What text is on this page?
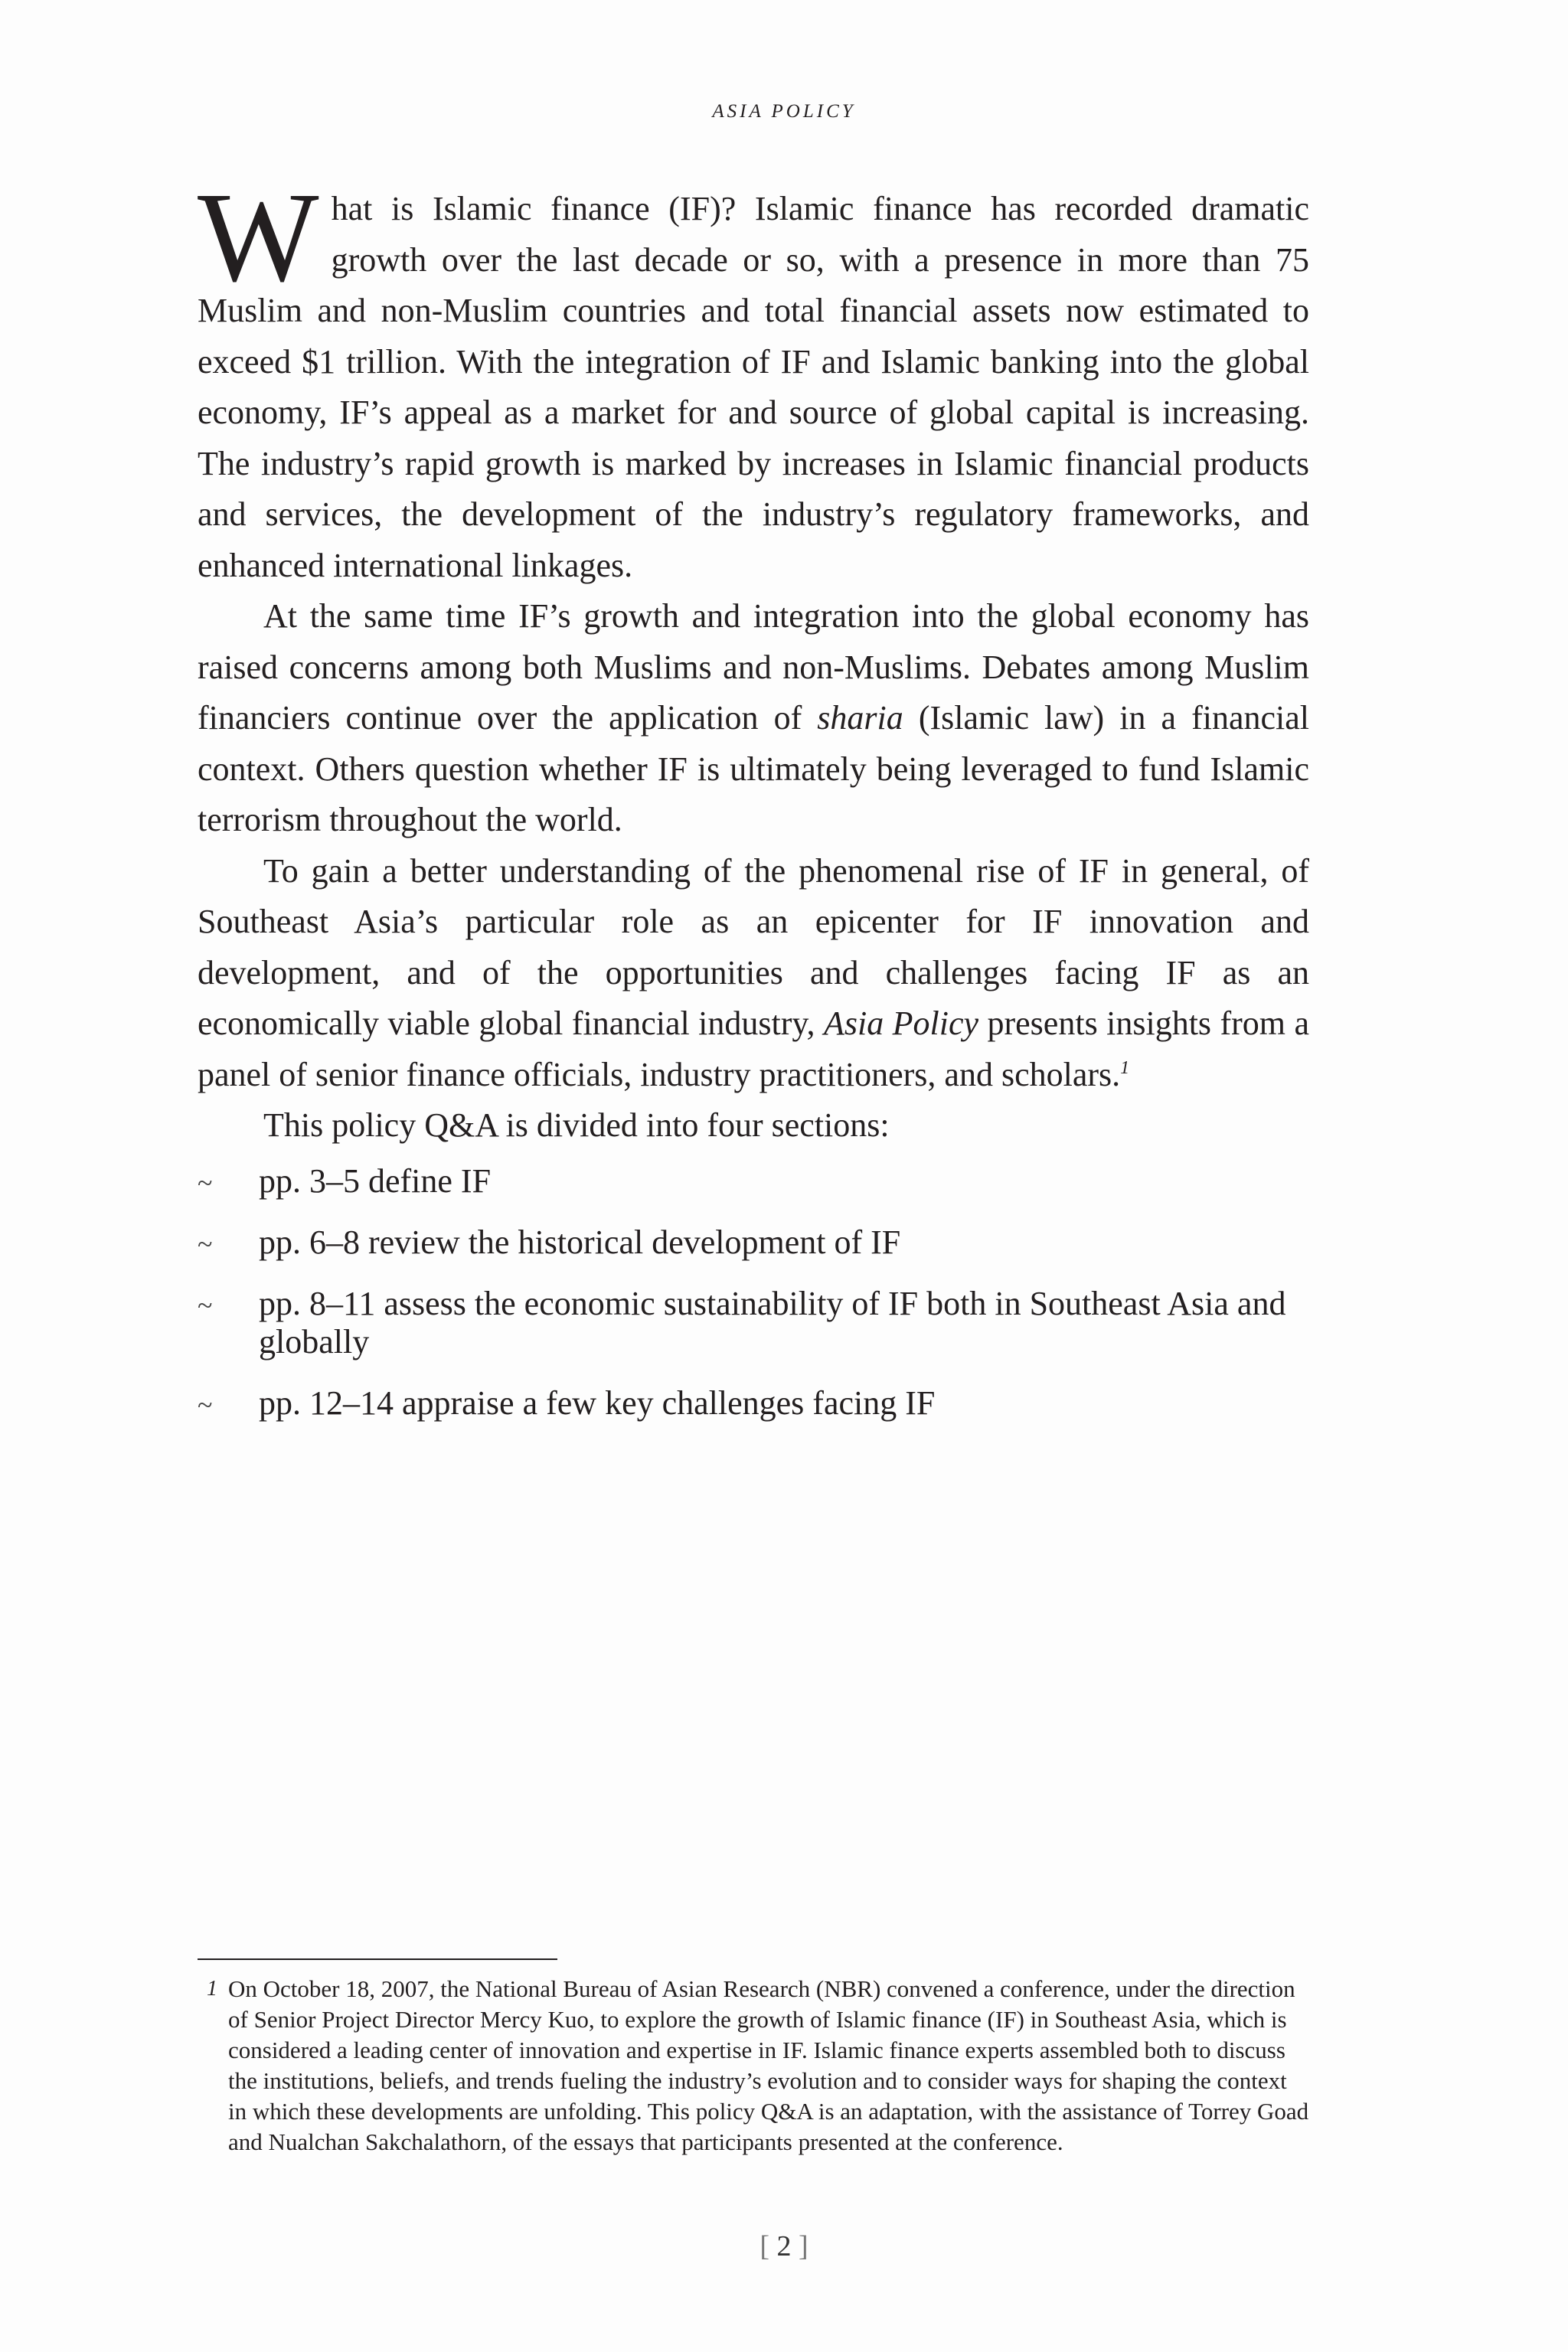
ASIA POLICY

What is Islamic finance (IF)? Islamic finance has recorded dramatic growth over the last decade or so, with a presence in more than 75 Muslim and non-Muslim countries and total financial assets now estimated to exceed $1 trillion. With the integration of IF and Islamic banking into the global economy, IF’s appeal as a market for and source of global capital is increasing. The industry’s rapid growth is marked by increases in Islamic financial products and services, the development of the industry’s regulatory frameworks, and enhanced international linkages.

At the same time IF’s growth and integration into the global economy has raised concerns among both Muslims and non-Muslims. Debates among Muslim financiers continue over the application of sharia (Islamic law) in a financial context. Others question whether IF is ultimately being leveraged to fund Islamic terrorism throughout the world.

To gain a better understanding of the phenomenal rise of IF in general, of Southeast Asia’s particular role as an epicenter for IF innovation and development, and of the opportunities and challenges facing IF as an economically viable global financial industry, Asia Policy presents insights from a panel of senior finance officials, industry practitioners, and scholars.$^1$

This policy Q&A is divided into four sections:

~ pp. 3–5 define IF
~ pp. 6–8 review the historical development of IF
~ pp. 8–11 assess the economic sustainability of IF both in Southeast Asia and globally
~ pp. 12–14 appraise a few key challenges facing IF
1 On October 18, 2007, the National Bureau of Asian Research (NBR) convened a conference, under the direction of Senior Project Director Mercy Kuo, to explore the growth of Islamic finance (IF) in Southeast Asia, which is considered a leading center of innovation and expertise in IF. Islamic finance experts assembled both to discuss the institutions, beliefs, and trends fueling the industry’s evolution and to consider ways for shaping the context in which these developments are unfolding. This policy Q&A is an adaptation, with the assistance of Torrey Goad and Nualchan Sakchalathorn, of the essays that participants presented at the conference.
[ 2 ]
